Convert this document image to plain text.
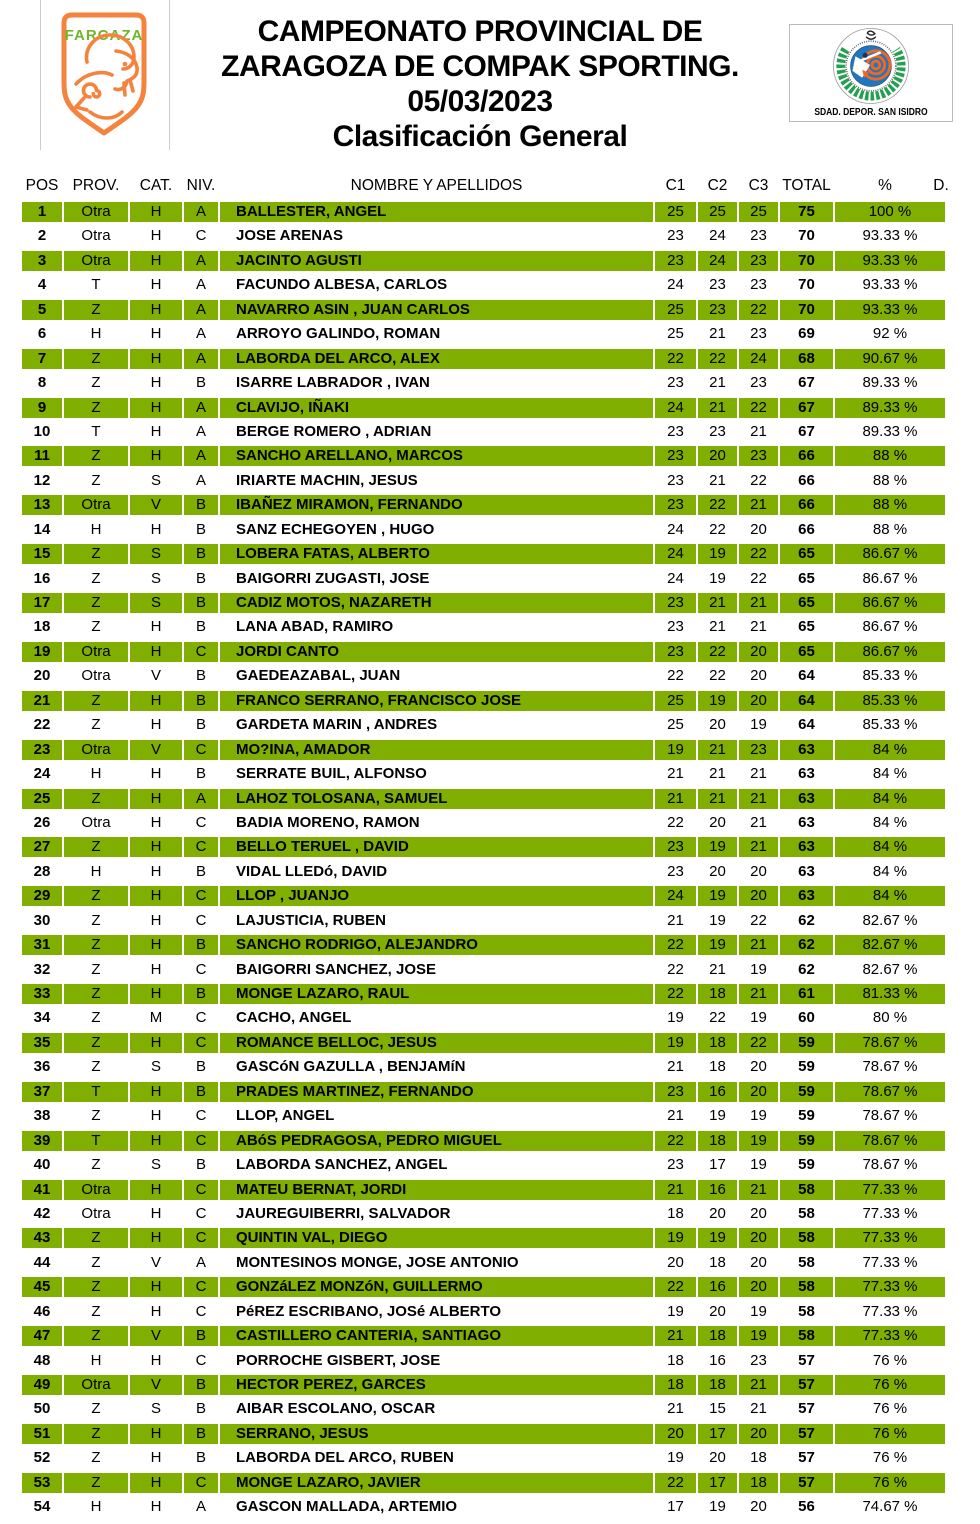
FARCAZA	CAMPEONATO PROVINCIAL DE
ZARAGOZA DE COMPAK SPORTING.
05/03/2023
Clasificación General
SDAD. DEPOR. SAN ISIDRO
POS PROV.	CAT. NIV.	NOMBRE Y APELLIDOS	C1	C2	C3 TOTAL	%	D.
1	Otra	H	A	BALLESTER, ANGEL	25	25	25	75	100 %
2	Otra	H	C	JOSE ARENAS	23	24	23	70	93.33 %
3	Otra	H	A	JACINTO AGUSTI	23	24	23	70	93.33 %
4	T	H	A	FACUNDO ALBESA, CARLOS	24	23	23	70	93.33 %
5	Z	H	A	NAVARRO ASIN , JUAN CARLOS	25	23	22	70	93.33 %
6	H	H	A	ARROYO GALINDO, ROMAN	25	21	23	69	92 %
7	Z	H	A	LABORDA DEL ARCO, ALEX	22	22	24	68	90.67 %
8	Z	H	B	ISARRE LABRADOR , IVAN	23	21	23	67	89.33 %
9	Z	H	A	CLAVIJO, IÑAKI	24	21	22	67	89.33 %
10	T	H	A	BERGE ROMERO , ADRIAN	23	23	21	67	89.33 %
11	Z	H	A	SANCHO ARELLANO, MARCOS	23	20	23	66	88 %
12	Z	S	A	IRIARTE MACHIN, JESUS	23	21	22	66	88 %
13	Otra	V	B	IBAÑEZ MIRAMON, FERNANDO	23	22	21	66	88 %
14	H	H	B	SANZ ECHEGOYEN , HUGO	24	22	20	66	88 %
15	Z	S	B	LOBERA FATAS, ALBERTO	24	19	22	65	86.67 %
16	Z	S	B	BAIGORRI ZUGASTI, JOSE	24	19	22	65	86.67 %
17	Z	S	B	CADIZ MOTOS, NAZARETH	23	21	21	65	86.67 %
18	Z	H	B	LANA ABAD, RAMIRO	23	21	21	65	86.67 %
19	Otra	H	C	JORDI CANTO	23	22	20	65	86.67 %
20	Otra	V	B	GAEDEAZABAL, JUAN	22	22	20	64	85.33 %
21	Z	H	B	FRANCO SERRANO, FRANCISCO JOSE	25	19	20	64	85.33 %
22	Z	H	B	GARDETA MARIN , ANDRES	25	20	19	64	85.33 %
23	Otra	V	C	MO?INA, AMADOR	19	21	23	63	84 %
24	H	H	B	SERRATE BUIL, ALFONSO	21	21	21	63	84 %
25	Z	H	A	LAHOZ TOLOSANA, SAMUEL	21	21	21	63	84 %
26	Otra	H	C	BADIA MORENO, RAMON	22	20	21	63	84 %
27	Z	H	C	BELLO TERUEL , DAVID	23	19	21	63	84 %
28	H	H	B	VIDAL LLEDó, DAVID	23	20	20	63	84 %
29	Z	H	C	LLOP , JUANJO	24	19	20	63	84 %
30	Z	H	C	LAJUSTICIA, RUBEN	21	19	22	62	82.67 %
31	Z	H	B	SANCHO RODRIGO, ALEJANDRO	22	19	21	62	82.67 %
32	Z	H	C	BAIGORRI SANCHEZ, JOSE	22	21	19	62	82.67 %
33	Z	H	B	MONGE LAZARO, RAUL	22	18	21	61	81.33 %
34	Z	M	C	CACHO, ANGEL	19	22	19	60	80 %
35	Z	H	C	ROMANCE BELLOC, JESUS	19	18	22	59	78.67 %
36	Z	S	B	GASCóN GAZULLA , BENJAMíN	21	18	20	59	78.67 %
37	T	H	B	PRADES MARTINEZ, FERNANDO	23	16	20	59	78.67 %
38	Z	H	C	LLOP, ANGEL	21	19	19	59	78.67 %
39	T	H	C	ABóS PEDRAGOSA, PEDRO MIGUEL	22	18	19	59	78.67 %
40	Z	S	B	LABORDA SANCHEZ, ANGEL	23	17	19	59	78.67 %
41	Otra	H	C	MATEU BERNAT, JORDI	21	16	21	58	77.33 %
42	Otra	H	C	JAUREGUIBERRI, SALVADOR	18	20	20	58	77.33 %
43	Z	H	C	QUINTIN VAL, DIEGO	19	19	20	58	77.33 %
44	Z	V	A	MONTESINOS MONGE, JOSE ANTONIO	20	18	20	58	77.33 %
45	Z	H	C	GONZáLEZ MONZóN, GUILLERMO	22	16	20	58	77.33 %
46	Z	H	C	PéREZ ESCRIBANO, JOSé ALBERTO	19	20	19	58	77.33 %
47	Z	V	B	CASTILLERO CANTERIA, SANTIAGO	21	18	19	58	77.33 %
48	H	H	C	PORROCHE GISBERT, JOSE	18	16	23	57	76 %
49	Otra	V	B	HECTOR PEREZ, GARCES	18	18	21	57	76 %
50	Z	S	B	AIBAR ESCOLANO, OSCAR	21	15	21	57	76 %
51	Z	H	B	SERRANO, JESUS	20	17	20	57	76 %
52	Z	H	B	LABORDA DEL ARCO, RUBEN	19	20	18	57	76 %
53	Z	H	C	MONGE LAZARO, JAVIER	22	17	18	57	76 %
54	H	H	A	GASCON MALLADA, ARTEMIO	17	19	20	56	74.67 %
